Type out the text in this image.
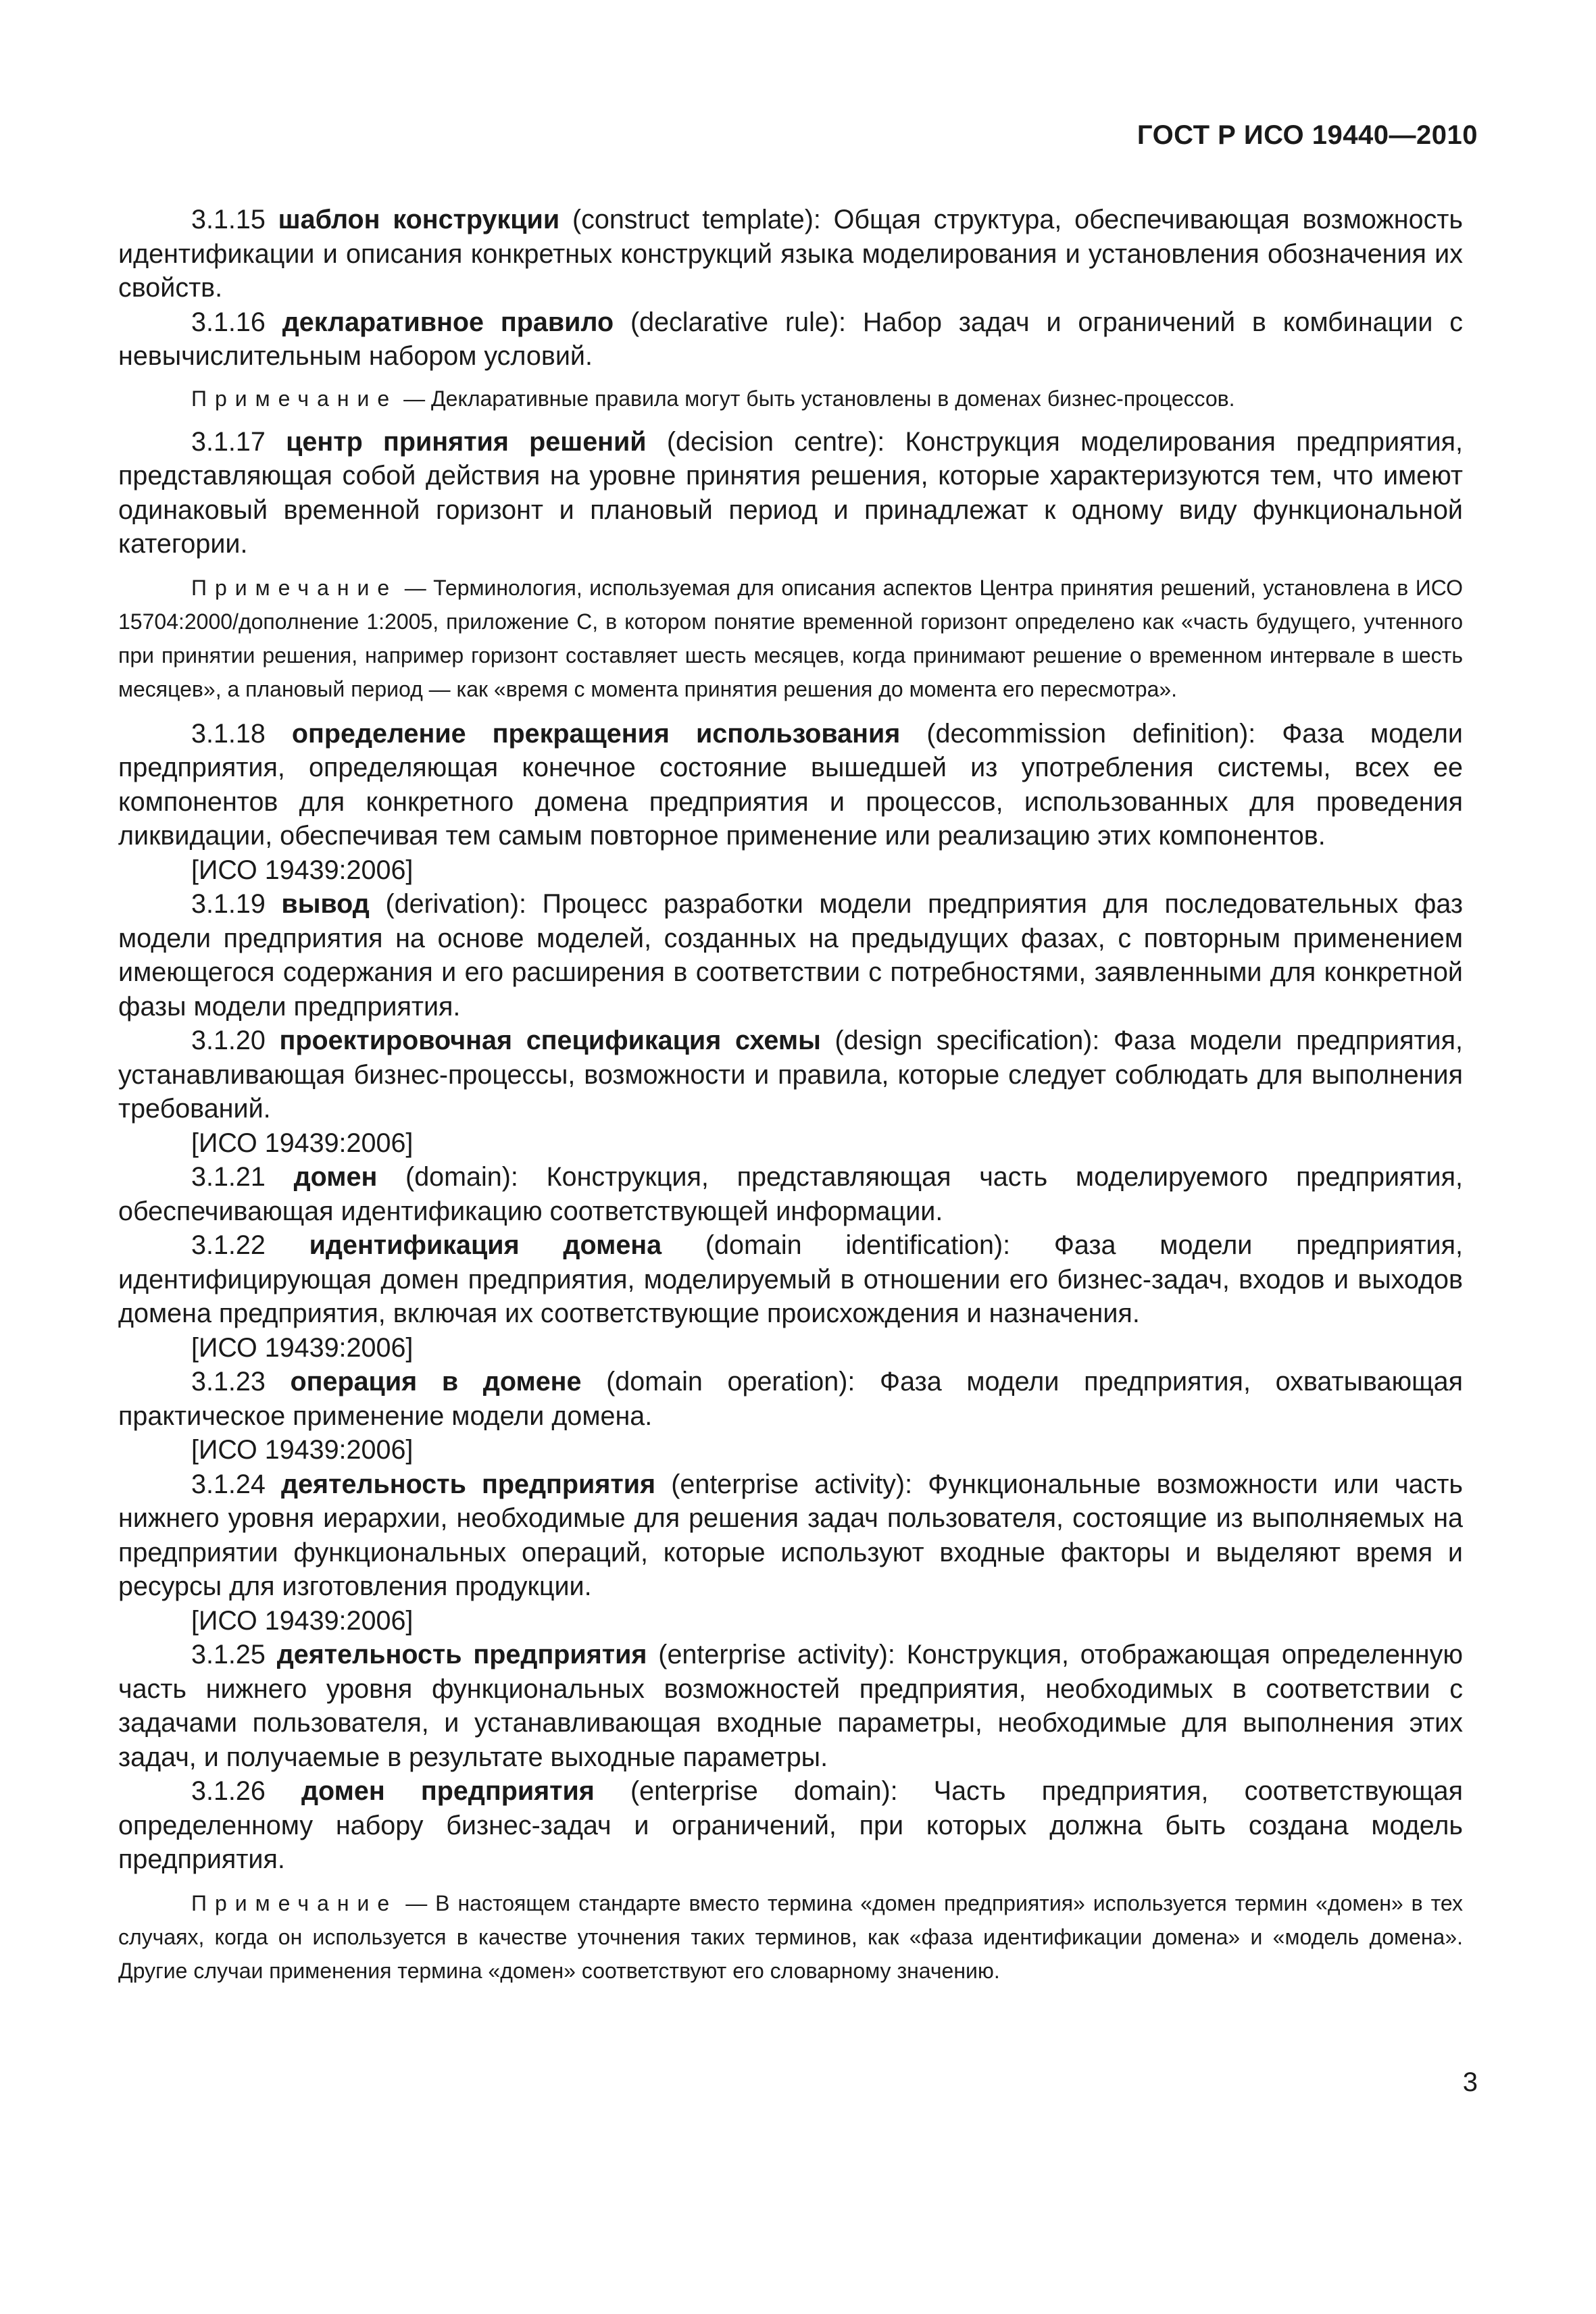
ГОСТ Р ИСО 19440—2010

3.1.15 шаблон конструкции (construct template): Общая структура, обеспечивающая возможность идентификации и описания конкретных конструкций языка моделирования и установления обозначения их свойств.

3.1.16 декларативное правило (declarative rule): Набор задач и ограничений в комбинации с невычислительным набором условий.

Примечание — Декларативные правила могут быть установлены в доменах бизнес-процессов.

3.1.17 центр принятия решений (decision centre): Конструкция моделирования предприятия, представляющая собой действия на уровне принятия решения, которые характеризуются тем, что имеют одинаковый временной горизонт и плановый период и принадлежат к одному виду функциональной категории.

Примечание — Терминология, используемая для описания аспектов Центра принятия решений, установлена в ИСО 15704:2000/дополнение 1:2005, приложение С, в котором понятие временной горизонт определено как «часть будущего, учтенного при принятии решения, например горизонт составляет шесть месяцев, когда принимают решение о временном интервале в шесть месяцев», а плановый период — как «время с момента принятия решения до момента его пересмотра».

3.1.18 определение прекращения использования (decommission definition): Фаза модели предприятия, определяющая конечное состояние вышедшей из употребления системы, всех ее компонентов для конкретного домена предприятия и процессов, использованных для проведения ликвидации, обеспечивая тем самым повторное применение или реализацию этих компонентов.

[ИСО 19439:2006]

3.1.19 вывод (derivation): Процесс разработки модели предприятия для последовательных фаз модели предприятия на основе моделей, созданных на предыдущих фазах, с повторным применением имеющегося содержания и его расширения в соответствии с потребностями, заявленными для конкретной фазы модели предприятия.

3.1.20 проектировочная спецификация схемы (design specification): Фаза модели предприятия, устанавливающая бизнес-процессы, возможности и правила, которые следует соблюдать для выполнения требований.

[ИСО 19439:2006]

3.1.21 домен (domain): Конструкция, представляющая часть моделируемого предприятия, обеспечивающая идентификацию соответствующей информации.

3.1.22 идентификация домена (domain identification): Фаза модели предприятия, идентифицирующая домен предприятия, моделируемый в отношении его бизнес-задач, входов и выходов домена предприятия, включая их соответствующие происхождения и назначения.

[ИСО 19439:2006]

3.1.23 операция в домене (domain operation): Фаза модели предприятия, охватывающая практическое применение модели домена.

[ИСО 19439:2006]

3.1.24 деятельность предприятия (enterprise activity): Функциональные возможности или часть нижнего уровня иерархии, необходимые для решения задач пользователя, состоящие из выполняемых на предприятии функциональных операций, которые используют входные факторы и выделяют время и ресурсы для изготовления продукции.

[ИСО 19439:2006]

3.1.25 деятельность предприятия (enterprise activity): Конструкция, отображающая определенную часть нижнего уровня функциональных возможностей предприятия, необходимых в соответствии с задачами пользователя, и устанавливающая входные параметры, необходимые для выполнения этих задач, и получаемые в результате выходные параметры.

3.1.26 домен предприятия (enterprise domain): Часть предприятия, соответствующая определенному набору бизнес-задач и ограничений, при которых должна быть создана модель предприятия.

Примечание — В настоящем стандарте вместо термина «домен предприятия» используется термин «домен» в тех случаях, когда он используется в качестве уточнения таких терминов, как «фаза идентификации домена» и «модель домена». Другие случаи применения термина «домен» соответствуют его словарному значению.

3
